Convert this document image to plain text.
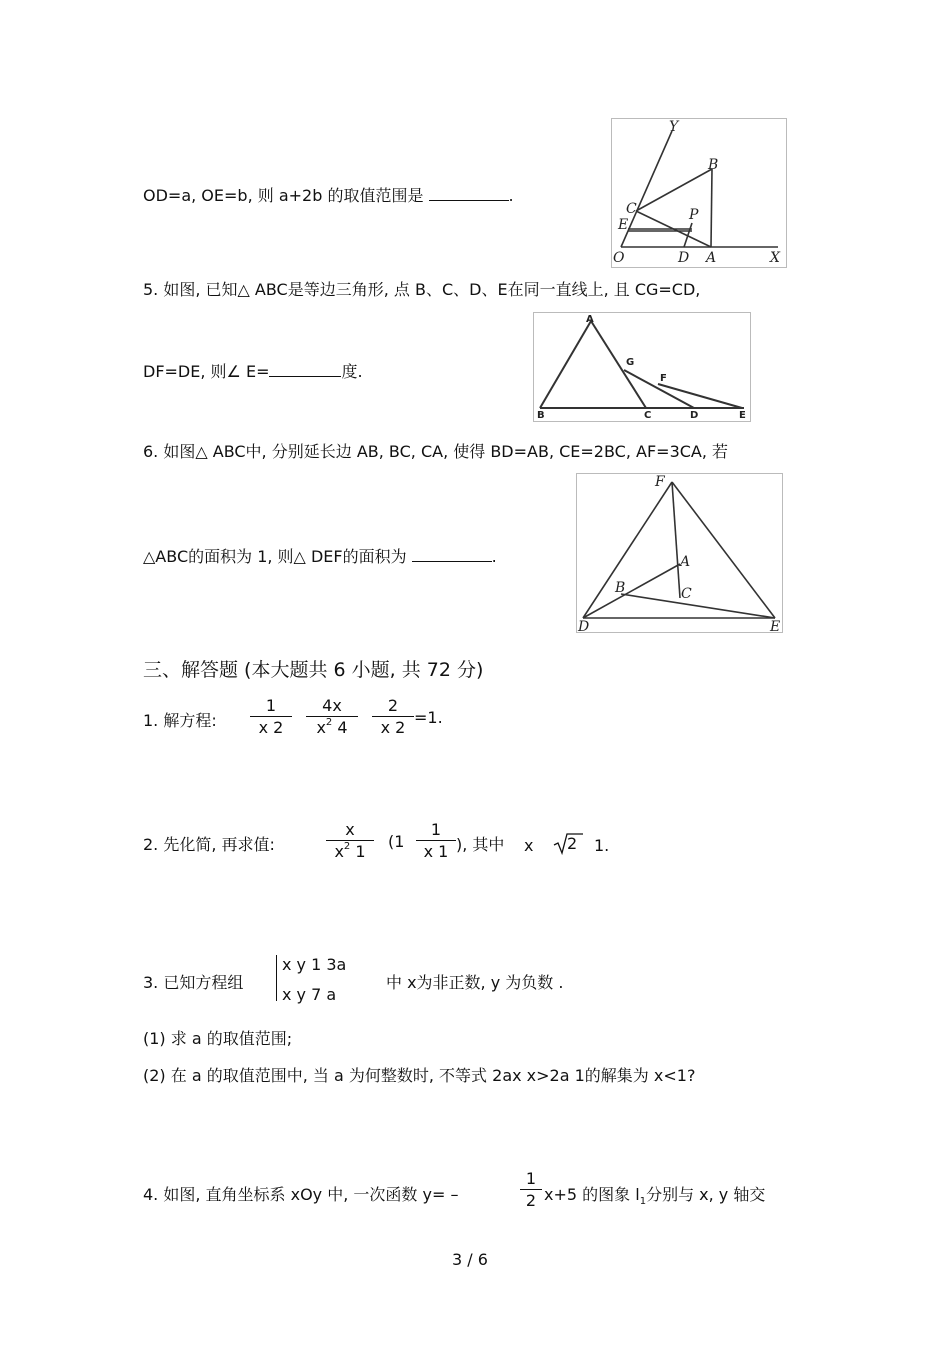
OD=a, OE=b, 则 a+2b 的取值范围是	.
Y
B
C
E
P
O	D A	X
5. 如图, 已知△ ABC是等边三角形, 点 B、C、D、E在同一直线上, 且 CG=CD,
DF=DE, 则∠ E=	度.
A
G
F
B	C	D	E
6. 如图△ ABC中, 分别延长边 AB, BC, CA, 使得 BD=AB, CE=2BC, AF=3CA, 若
△ABC的面积为 1, 则△ DEF的面积为	.
F
A
B	C
D	E
三、解答题 (本大题共 6 小题, 共 72 分)
1. 解方程:
1
x 2
4x
$x^2$ 4
2
x 2
=1.
2. 先化简, 再求值:
x
$x^2$ 1
(1
1
x 1 ), 其中 x 2 1.
3. 已知方程组
x y 1 3a
x y 7 a
中 x为非正数, y 为负数 .
(1) 求 a 的取值范围;
(2) 在 a 的取值范围中, 当 a 为何整数时, 不等式 2ax x>2a 1的解集为 x<1?
4. 如图, 直角坐标系 xOy 中, 一次函数 y= –
1
2 x+5 的图象 $l_1$分别与 x, y 轴交
3 / 6
